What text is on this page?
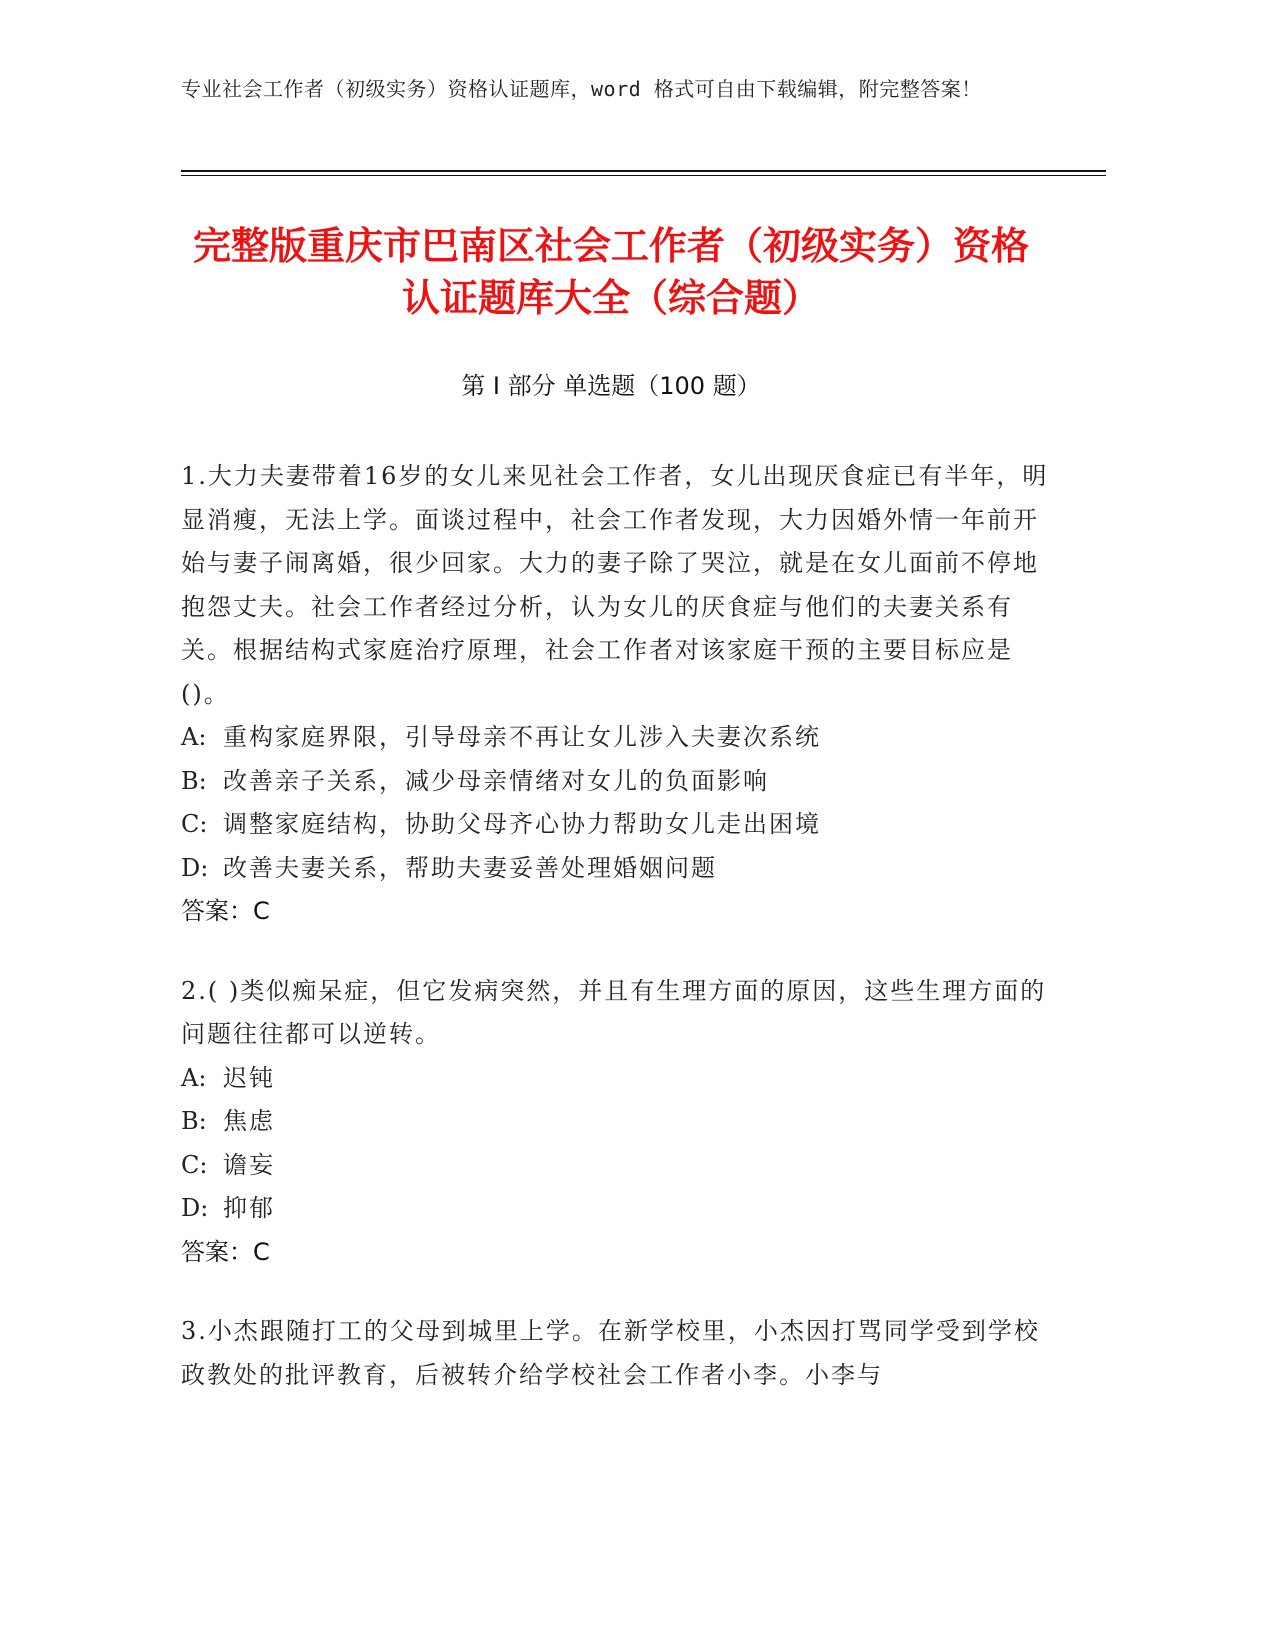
专业社会工作者（初级实务）资格认证题库，word 格式可自由下载编辑，附完整答案！
完整版重庆市巴南区社会工作者（初级实务）资格认证题库大全（综合题）
第 I 部分 单选题（100 题）

1.大力夫妻带着16岁的女儿来见社会工作者，女儿出现厌食症已有半年，明显消瘦，无法上学。面谈过程中，社会工作者发现，大力因婚外情一年前开始与妻子闹离婚，很少回家。大力的妻子除了哭泣，就是在女儿面前不停地抱怨丈夫。社会工作者经过分析，认为女儿的厌食症与他们的夫妻关系有关。根据结构式家庭治疗原理，社会工作者对该家庭干预的主要目标应是()。

A: 重构家庭界限，引导母亲不再让女儿涉入夫妻次系统

B: 改善亲子关系，减少母亲情绪对女儿的负面影响

C: 调整家庭结构，协助父母齐心协力帮助女儿走出困境

D: 改善夫妻关系，帮助夫妻妥善处理婚姻问题

答案：C

2.( )类似痴呆症，但它发病突然，并且有生理方面的原因，这些生理方面的问题往往都可以逆转。

A: 迟钝

B: 焦虑

C: 谵妄

D: 抑郁

答案：C

3.小杰跟随打工的父母到城里上学。在新学校里，小杰因打骂同学受到学校政教处的批评教育，后被转介给学校社会工作者小李。小李与
